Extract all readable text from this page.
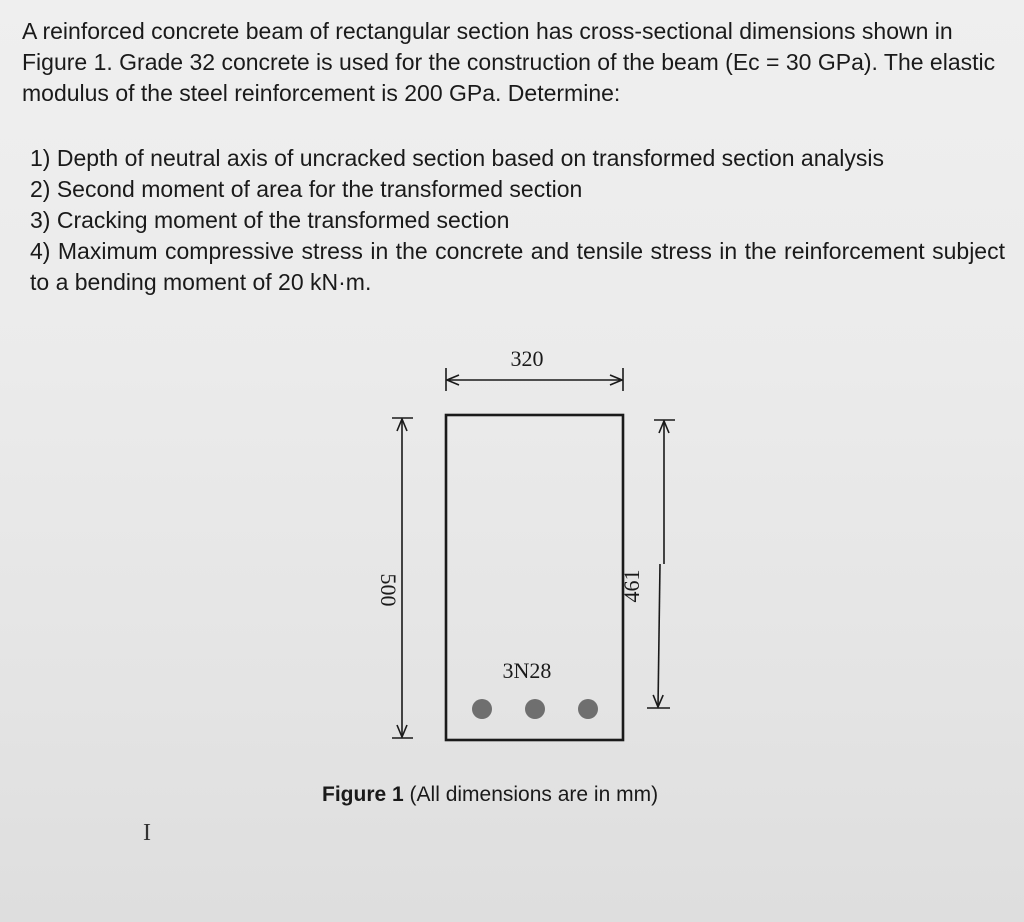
A reinforced concrete beam of rectangular section has cross-sectional dimensions shown in Figure 1. Grade 32 concrete is used for the construction of the beam (Ec = 30 GPa). The elastic modulus of the steel reinforcement is 200 GPa. Determine:

1) Depth of neutral axis of uncracked section based on transformed section analysis
2) Second moment of area for the transformed section
3) Cracking moment of the transformed section
4) Maximum compressive stress in the concrete and tensile stress in the reinforcement subject to a bending moment of 20 kN·m.
320
500	461
3N28
Figure 1 (All dimensions are in mm)
I
